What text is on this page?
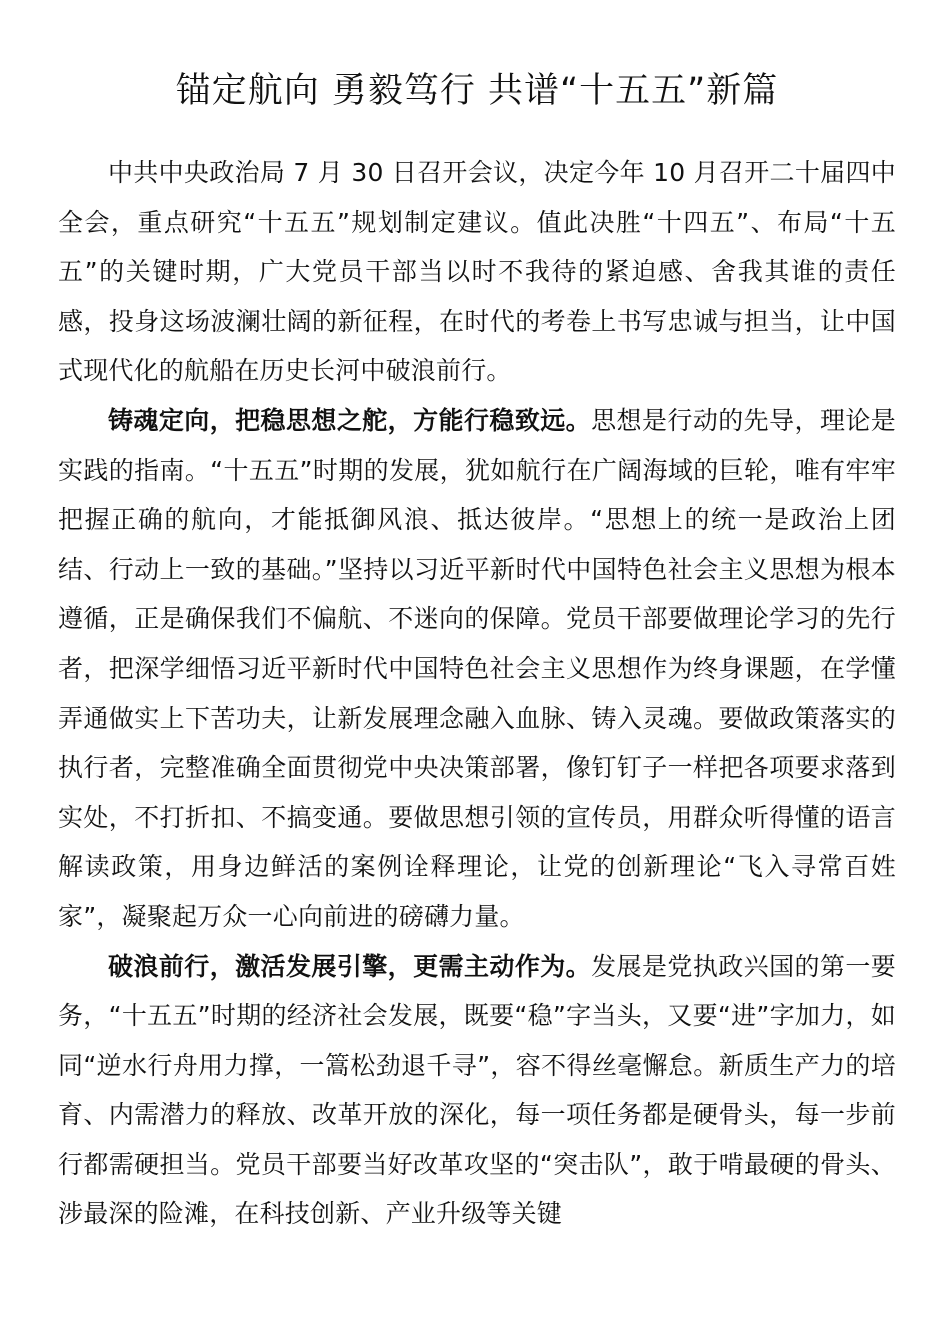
锚定航向 勇毅笃行 共谱“十五五”新篇

中共中央政治局 7 月 30 日召开会议，决定今年 10 月召开二十届四中全会，重点研究“十五五”规划制定建议。值此决胜“十四五”、布局“十五五”的关键时期，广大党员干部当以时不我待的紧迫感、舍我其谁的责任感，投身这场波澜壮阔的新征程，在时代的考卷上书写忠诚与担当，让中国式现代化的航船在历史长河中破浪前行。

铸魂定向，把稳思想之舵，方能行稳致远。思想是行动的先导，理论是实践的指南。“十五五”时期的发展，犹如航行在广阔海域的巨轮，唯有牢牢把握正确的航向，才能抵御风浪、抵达彼岸。“思想上的统一是政治上团结、行动上一致的基础。”坚持以习近平新时代中国特色社会主义思想为根本遵循，正是确保我们不偏航、不迷向的保障。党员干部要做理论学习的先行者，把深学细悟习近平新时代中国特色社会主义思想作为终身课题，在学懂弄通做实上下苦功夫，让新发展理念融入血脉、铸入灵魂。要做政策落实的执行者，完整准确全面贯彻党中央决策部署，像钉钉子一样把各项要求落到实处，不打折扣、不搞变通。要做思想引领的宣传员，用群众听得懂的语言解读政策，用身边鲜活的案例诠释理论，让党的创新理论“飞入寻常百姓家”，凝聚起万众一心向前进的磅礴力量。

破浪前行，激活发展引擎，更需主动作为。发展是党执政兴国的第一要务，“十五五”时期的经济社会发展，既要“稳”字当头，又要“进”字加力，如同“逆水行舟用力撑，一篙松劲退千寻”，容不得丝毫懈怠。新质生产力的培育、内需潜力的释放、改革开放的深化，每一项任务都是硬骨头，每一步前行都需硬担当。党员干部要当好改革攻坚的“突击队”，敢于啃最硬的骨头、涉最深的险滩，在科技创新、产业升级等关键
